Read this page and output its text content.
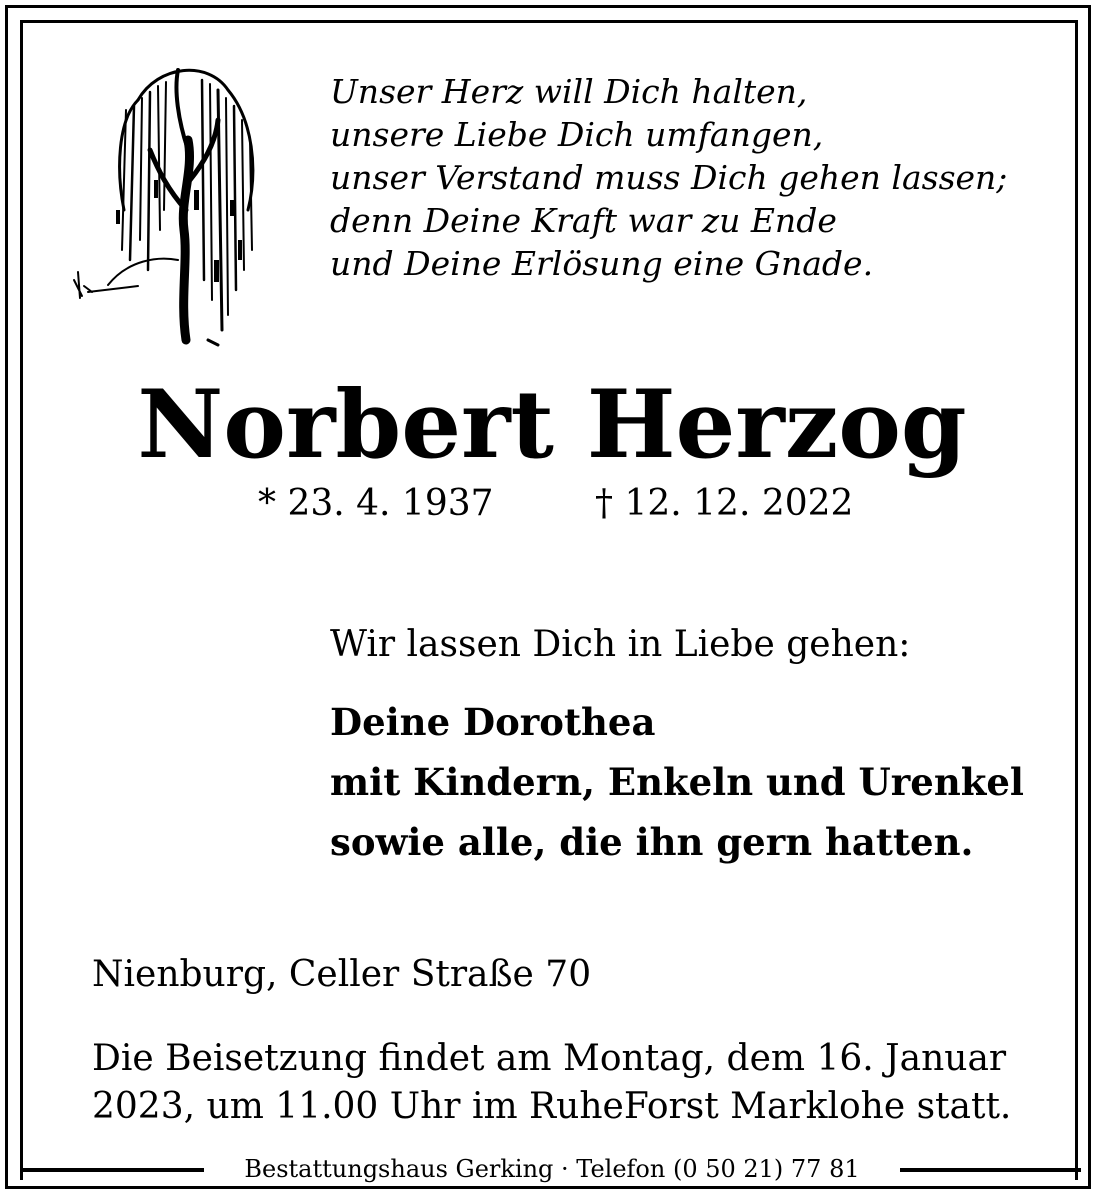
Unser Herz will Dich halten,
unsere Liebe Dich umfangen,
unser Verstand muss Dich gehen lassen;
denn Deine Kraft war zu Ende
und Deine Erlösung eine Gnade.
Norbert Herzog
* 23. 4. 1937	† 12. 12. 2022
Wir lassen Dich in Liebe gehen:
Deine Dorothea
mit Kindern, Enkeln und Urenkel
sowie alle, die ihn gern hatten.
Nienburg, Celler Straße 70
Die Beisetzung findet am Montag, dem 16. Januar
2023, um 11.00 Uhr im RuheForst Marklohe statt.
Bestattungshaus Gerking · Telefon (0 50 21) 77 81
